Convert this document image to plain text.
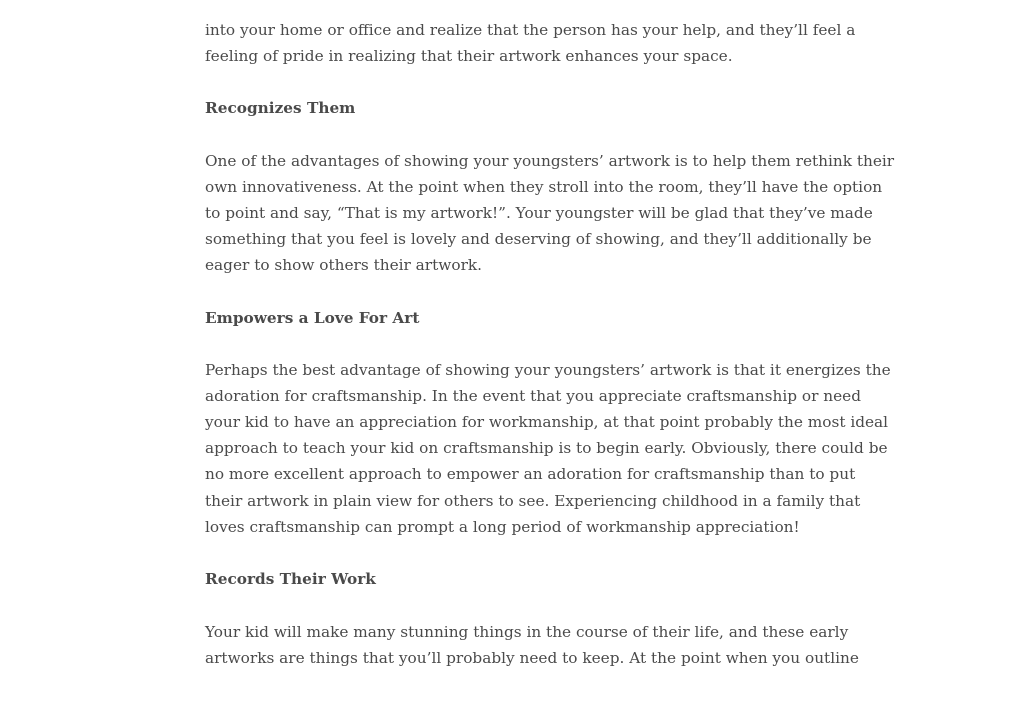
into your home or office and realize that the person has your help, and they’ll feel a
feeling of pride in realizing that their artwork enhances your space.
Recognizes Them
One of the advantages of showing your youngsters’ artwork is to help them rethink their
own innovativeness. At the point when they stroll into the room, they’ll have the option
to point and say, “That is my artwork!”. Your youngster will be glad that they’ve made
something that you feel is lovely and deserving of showing, and they’ll additionally be
eager to show others their artwork.
Empowers a Love For Art
Perhaps the best advantage of showing your youngsters’ artwork is that it energizes the
adoration for craftsmanship. In the event that you appreciate craftsmanship or need
your kid to have an appreciation for workmanship, at that point probably the most ideal
approach to teach your kid on craftsmanship is to begin early. Obviously, there could be
no more excellent approach to empower an adoration for craftsmanship than to put
their artwork in plain view for others to see. Experiencing childhood in a family that
loves craftsmanship can prompt a long period of workmanship appreciation!
Records Their Work
Your kid will make many stunning things in the course of their life, and these early
artworks are things that you’ll probably need to keep. At the point when you outline
